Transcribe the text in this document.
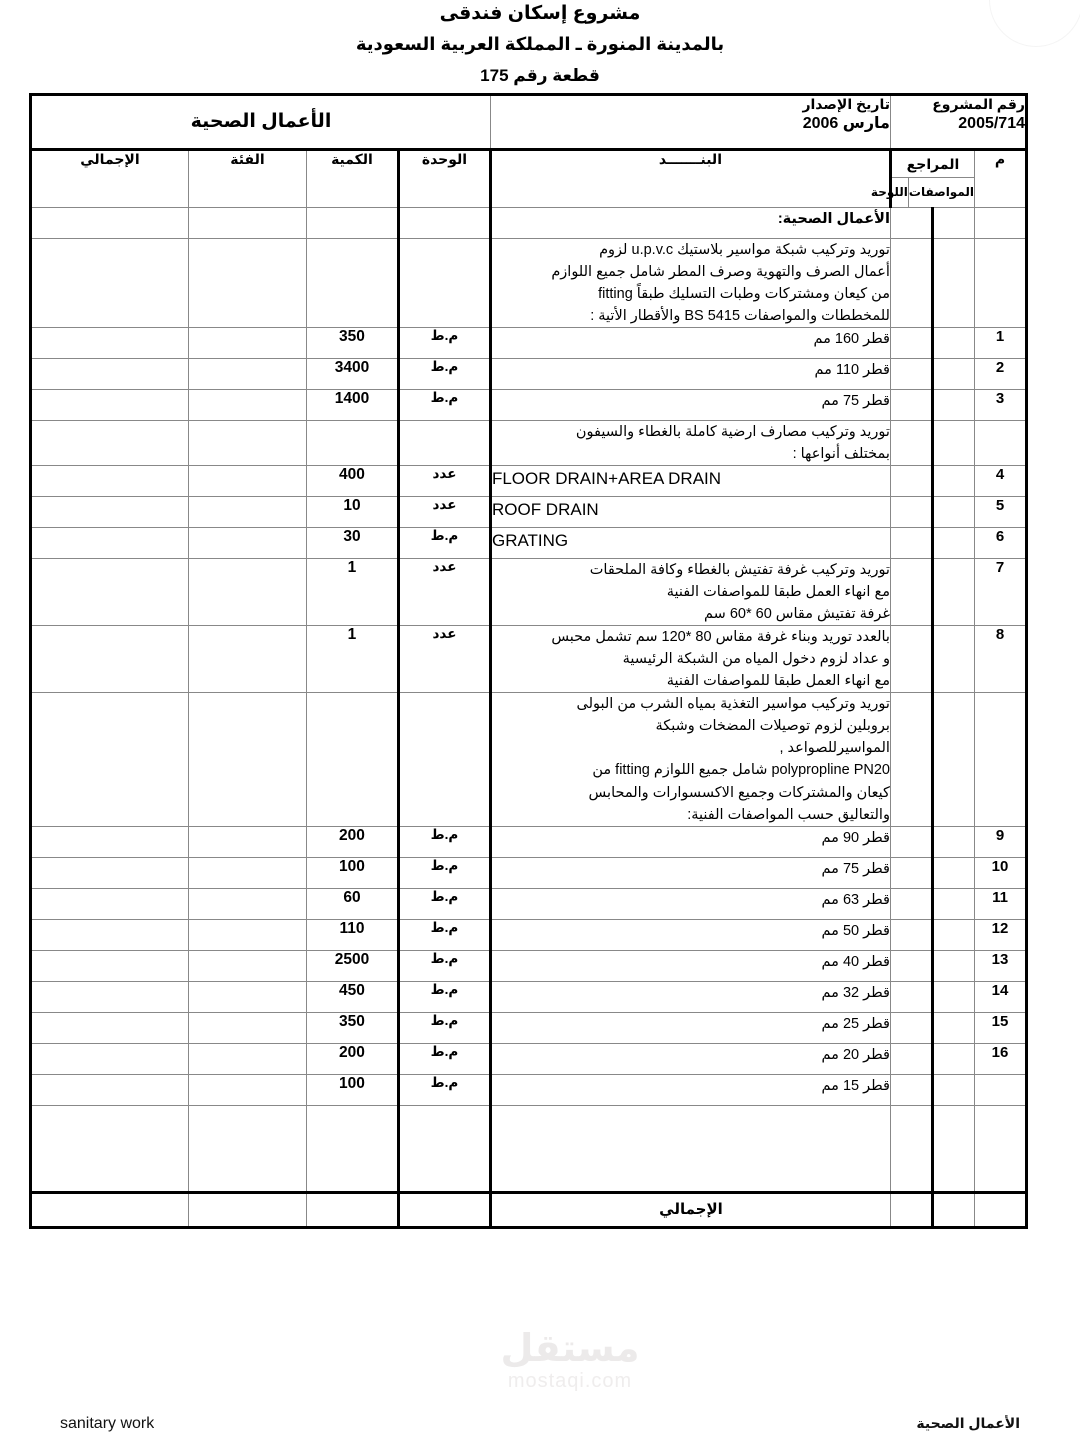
مشروع إسكان فندقى
بالمدينة المنورة ـ المملكة العربية السعودية
قطعة رقم 175
رقم المشروع
2005/714

تاريخ الإصدار
مارس 2006

الأعمال الصحية

م	المراجع
المواصفات
اللوحة		البنـــــــد	الوحدة	الكمية	الفئة	الإجمالي
			الأعمال الصحية:				

			توريد وتركيب شبكة مواسير بلاستيك u.p.v.c لزوم
أعمال الصرف والتهوية وصرف المطر شامل جميع اللوازم
من كيعان ومشتركات وطبات التسليك طبقاً fitting
للمخططات والمواصفات BS 5415 والأقطار الأتية :				

1			قطر 160 مم	م.ط	350		
2			قطر 110 مم	م.ط	3400		
3			قطر 75 مم	م.ط	1400		

			توريد وتركيب مصارف ارضية كاملة بالغطاء والسيفون
بمختلف أنواعها :				

4			FLOOR DRAIN+AREA DRAIN	عدد	400		
5			ROOF DRAIN	عدد	10		
6			GRATING	م.ط	30		
7			توريد وتركيب غرفة تفتيش بالغطاء وكافة الملحقات
مع انهاء العمل طبقا للمواصفات الفنية
غرفة تفتيش مقاس 60 *60 سم	عدد	1		
8			بالعدد توريد وبناء غرفة مقاس 80 *120 سم تشمل محبس
و عداد لزوم دخول المياه من الشبكة الرئيسية
مع انهاء العمل طبقا للمواصفات الفنية	عدد	1		

توريد وتركيب مواسير التغذية بمياه الشرب من البولى
بروبلين لزوم توصيلات المضخات وشبكة
المواسيرللصواعد ,
polypropline PN20 شامل جميع اللوازم fitting من
كيعان والمشتركات وجميع الاكسسوارات والمحابس
والتعاليق حسب المواصفات الفنية:

9			قطر 90 مم	م.ط	200		
10			قطر 75 مم	م.ط	100		
11			قطر 63 مم	م.ط	60		
12			قطر 50 مم	م.ط	110		
13			قطر 40 مم	م.ط	2500		
14			قطر 32 مم	م.ط	450		
15			قطر 25 مم	م.ط	350		
16			قطر 20 مم	م.ط	200		
			قطر 15 مم	م.ط	100		

			الإجمالي				
مستقل
mostaqi.com
sanitary work	الأعمال الصحية
